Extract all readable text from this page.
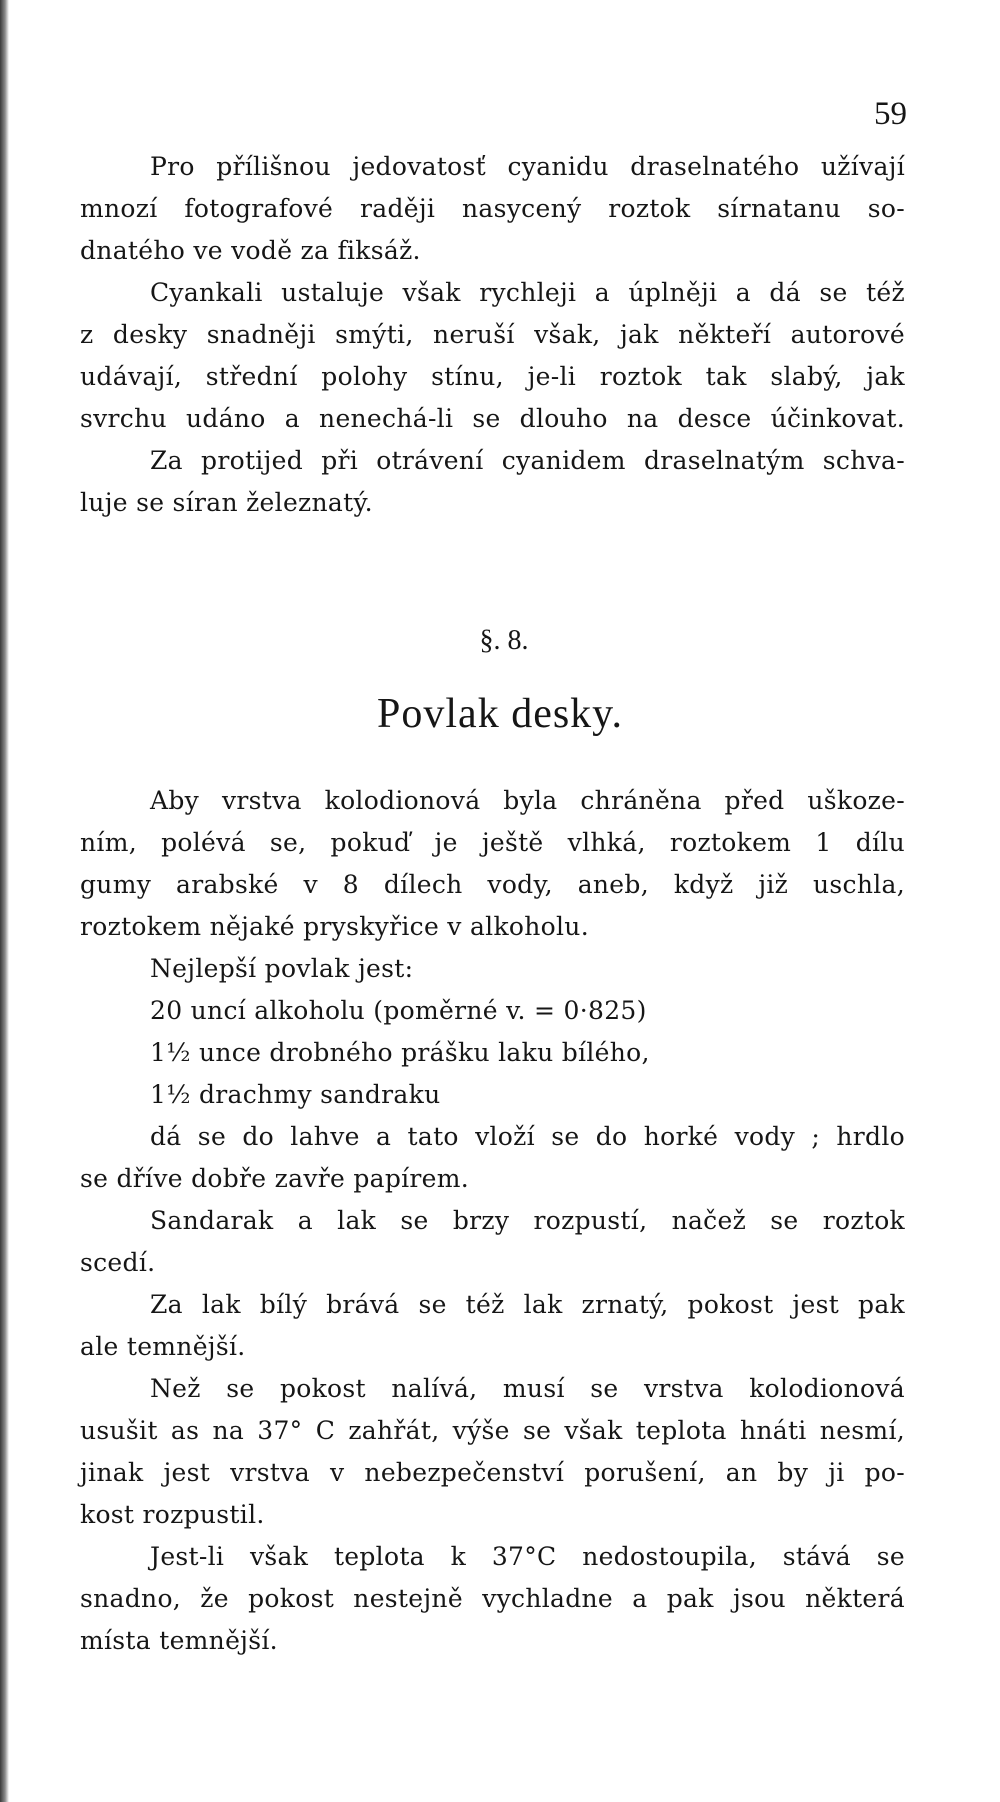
59
Pro přílišnou jedovatosť cyanidu draselnatého užívají
mnozí fotografové raději nasycený roztok sírnatanu so-
dnatého ve vodě za fiksáž.
Cyankali ustaluje však rychleji a úplněji a dá se též
z desky snadněji smýti, neruší však, jak někteří autorové
udávají, střední polohy stínu, je-li roztok tak slabý, jak
svrchu udáno a nenechá-li se dlouho na desce účinkovat.
Za protijed při otrávení cyanidem draselnatým schva-
luje se síran železnatý.
§. 8.
Povlak desky.
Aby vrstva kolodionová byla chráněna před uškoze-
ním, polévá se, pokuď je ještě vlhká, roztokem 1 dílu
gumy arabské v 8 dílech vody, aneb, když již uschla,
roztokem nějaké pryskyřice v alkoholu.
Nejlepší povlak jest:
20 uncí alkoholu (poměrné v. = 0·825)
1½ unce drobného prášku laku bílého,
1½ drachmy sandraku
dá se do lahve a tato vloží se do horké vody ; hrdlo
se dříve dobře zavře papírem.
Sandarak a lak se brzy rozpustí, načež se roztok
scedí.
Za lak bílý brává se též lak zrnatý, pokost jest pak
ale temnější.
Než se pokost nalívá, musí se vrstva kolodionová
usušit as na 37° C zahřát, výše se však teplota hnáti nesmí,
jinak jest vrstva v nebezpečenství porušení, an by ji po-
kost rozpustil.
Jest-li však teplota k 37°C nedostoupila, stává se
snadno, že pokost nestejně vychladne a pak jsou některá
místa temnější.
